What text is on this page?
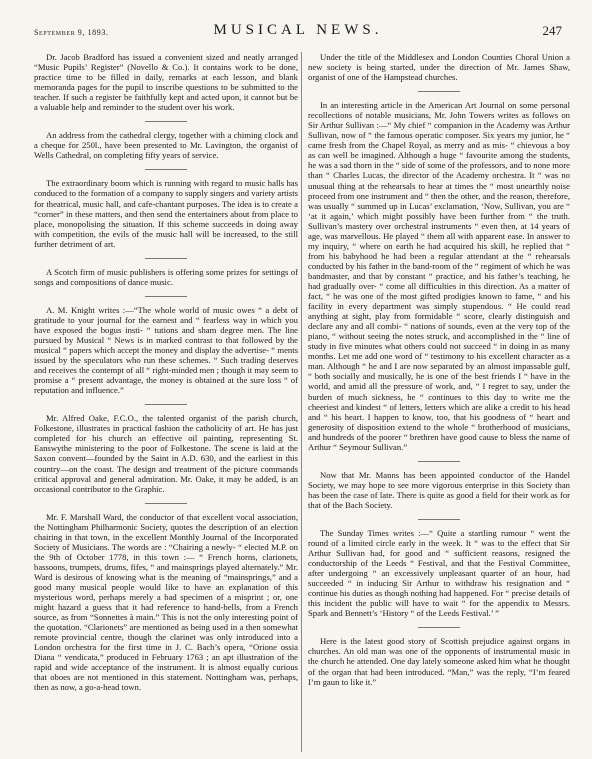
September 9, 1893.	MUSICAL NEWS.	247

Dr. Jacob Bradford has issued a convenient sized and neatly arranged “Music Pupils’ Register” (Novello & Co.). It contains work to be done, practice time to be filled in daily, remarks at each lesson, and blank memoranda pages for the pupil to inscribe questions to be submitted to the teacher. If such a register be faithfully kept and acted upon, it cannot but be a valuable help and reminder to the student over his work.

An address from the cathedral clergy, together with a chiming clock and a cheque for 250l., have been presented to Mr. Lavington, the organist of Wells Cathedral, on completing fifty years of service.

The extraordinary boom which is running with regard to music halls has conduced to the formation of a company to supply singers and variety artists for theatrical, music hall, and cafe-chantant purposes. The idea is to create a “corner” in these matters, and then send the entertainers about from place to place, monopolising the situation. If this scheme succeeds in doing away with competition, the evils of the music hall will be increased, to the still further detriment of art.

A Scotch firm of music publishers is offering some prizes for settings of songs and compositions of dance music.

A. M. Knight writes :—“The whole world of music owes “ a debt of gratitude to your journal for the earnest and “ fearless way in which you have exposed the bogus insti- “ tutions and sham degree men. The line pursued by Musical “ News is in marked contrast to that followed by the musical “ papers which accept the money and display the advertise- “ ments issued by the speculators who run these schemes. “ Such trading deserves and receives the contempt of all “ right-minded men ; though it may seem to promise a “ present advantage, the money is obtained at the sure loss “ of reputation and influence.”

Mr. Alfred Oake, F.C.O., the talented organist of the parish church, Folkestone, illustrates in practical fashion the catholicity of art. He has just completed for his church an effective oil painting, representing St. Eanswythe ministering to the poor of Folkestone. The scene is laid at the Saxon convent—founded by the Saint in A.D. 630, and the earliest in this country—on the coast. The design and treatment of the picture commands critical approval and general admiration. Mr. Oake, it may be added, is an occasional contributor to the Graphic.

Mr. F. Marshall Ward, the conductor of that excellent vocal association, the Nottingham Philharmonic Society, quotes the description of an election chairing in that town, in the excellent Monthly Journal of the Incorporated Society of Musicians. The words are : “Chairing a newly- “ elected M.P. on the 9th of October 1778, in this town :— “ French horns, clarionets, bassoons, trumpets, drums, fifes, “ and mainsprings played alternately.” Mr. Ward is desirous of knowing what is the meaning of “mainsprings,” and a good many musical people would like to have an explanation of this mysterious word, perhaps merely a bad specimen of a misprint ; or, one might hazard a guess that it had reference to hand-bells, from a French source, as from “Sonnettes à main.” This is not the only interesting point of the quotation. “Clarionets” are mentioned as being used in a then somewhat remote provincial centre, though the clarinet was only introduced into a London orchestra for the first time in J. C. Bach’s opera, “Orione ossia Diana “ vendicata,” produced in February 1763 ; an apt illustration of the rapid and wide acceptance of the instrument. It is almost equally curious that oboes are not mentioned in this statement. Nottingham was, perhaps, then as now, a go-a-head town.

Under the title of the Middlesex and London Counties Choral Union a new society is being started, under the direction of Mr. James Shaw, organist of one of the Hampstead churches.

In an interesting article in the American Art Journal on some personal recollections of notable musicians, Mr. John Towers writes as follows on Sir Arthur Sullivan :—“ My chief “ companion in the Academy was Arthur Sullivan, now of “ the famous operatic composer. Six years my junior, he “ came fresh from the Chapel Royal, as merry and as mis- “ chievous a boy as can well be imagined. Although a huge “ favourite among the students, he was a sad thorn in the “ side of some of the professors, and to none more than “ Charles Lucas, the director of the Academy orchestra. It “ was no unusual thing at the rehearsals to hear at times the “ most unearthly noise proceed from one instrument and “ then the other, and the reason, therefore, was usually “ summed up in Lucas’ exclamation, ‘Now, Sullivan, you are “ ‘at it again,’ which might possibly have been further from “ the truth. Sullivan’s mastery over orchestral instruments “ even then, at 14 years of age, was marvellous. He played “ them all with apparent ease. In answer to my inquiry, “ where on earth he had acquired his skill, he replied that “ from his babyhood he had been a regular attendant at the “ rehearsals conducted by his father in the band-room of the “ regiment of which he was bandmaster, and that by constant “ practice, and his father’s teaching, he had gradually over- “ come all difficulties in this direction. As a matter of fact, “ he was one of the most gifted prodigies known to fame, “ and his facility in every department was simply stupendous. “ He could read anything at sight, play from formidable “ score, clearly distinguish and declare any and all combi- “ nations of sounds, even at the very top of the piano, “ without seeing the notes struck, and accomplished in the “ line of study in five minutes what others could not succeed “ in doing in as many months. Let me add one word of “ testimony to his excellent character as a man. Although “ he and I are now separated by an almost impassable gulf, “ both socially and musically, he is one of the best friends I “ have in the world, and amid all the pressure of work, and, “ I regret to say, under the burden of much sickness, he “ continues to this day to write me the cheeriest and kindest “ of letters, letters which are alike a credit to his head and “ his heart. I happen to know, too, that his goodness of “ heart and generosity of disposition extend to the whole “ brotherhood of musicians, and hundreds of the poorer “ brethren have good cause to bless the name of Arthur “ Seymour Sullivan.”

Now that Mr. Manns has been appointed conductor of the Handel Society, we may hope to see more vigorous enterprise in this Society than has been the case of late. There is quite as good a field for their work as for that of the Bach Society.

The Sunday Times writes :—“ Quite a startling rumour “ went the round of a limited circle early in the week. It “ was to the effect that Sir Arthur Sullivan had, for good and “ sufficient reasons, resigned the conductorship of the Leeds “ Festival, and that the Festival Committee, after undergoing “ an excessively unpleasant quarter of an hour, had succeeded “ in inducing Sir Arthur to withdraw his resignation and “ continue his duties as though nothing had happened. For “ precise details of this incident the public will have to wait “ for the appendix to Messrs. Spark and Bennett’s ‘History “ of the Leeds Festival.’ ”

Here is the latest good story of Scottish prejudice against organs in churches. An old man was one of the opponents of instrumental music in the church he attended. One day lately someone asked him what he thought of the organ that had been introduced. “Man,” was the reply, “I’m feared I’m gaun to like it.”
